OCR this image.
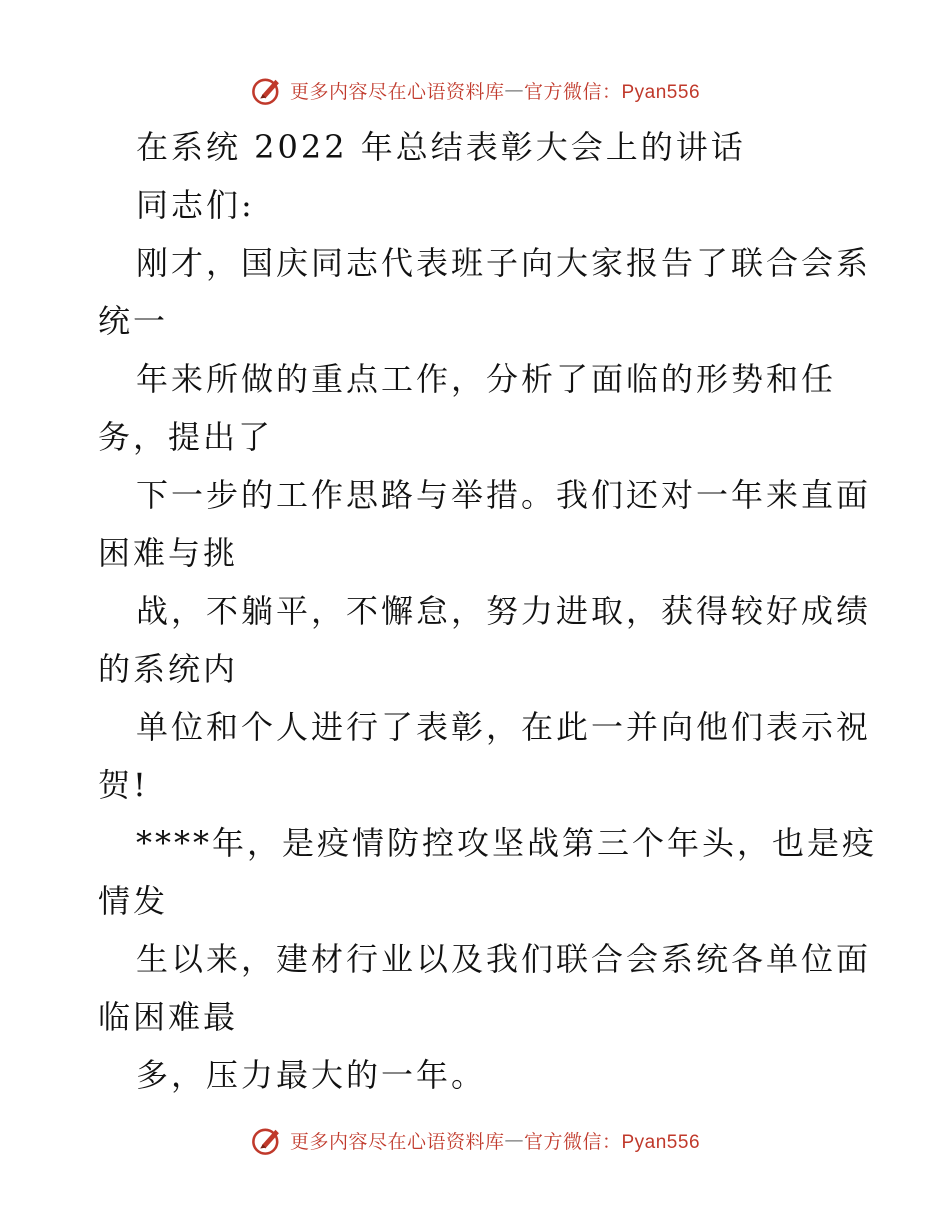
更多内容尽在心语资料库 — 官方微信：Pyan556
在系统 2022 年总结表彰大会上的讲话
同志们:
刚才，国庆同志代表班子向大家报告了联合会系
统一
年来所做的重点工作，分析了面临的形势和任
务，提出了
下一步的工作思路与举措。我们还对一年来直面
困难与挑
战，不躺平，不懈怠，努力进取，获得较好成绩
的系统内
单位和个人进行了表彰，在此一并向他们表示祝
贺!
****年，是疫情防控攻坚战第三个年头，也是疫
情发
生以来，建材行业以及我们联合会系统各单位面
临困难最
多，压力最大的一年。
更多内容尽在心语资料库 — 官方微信：Pyan556
